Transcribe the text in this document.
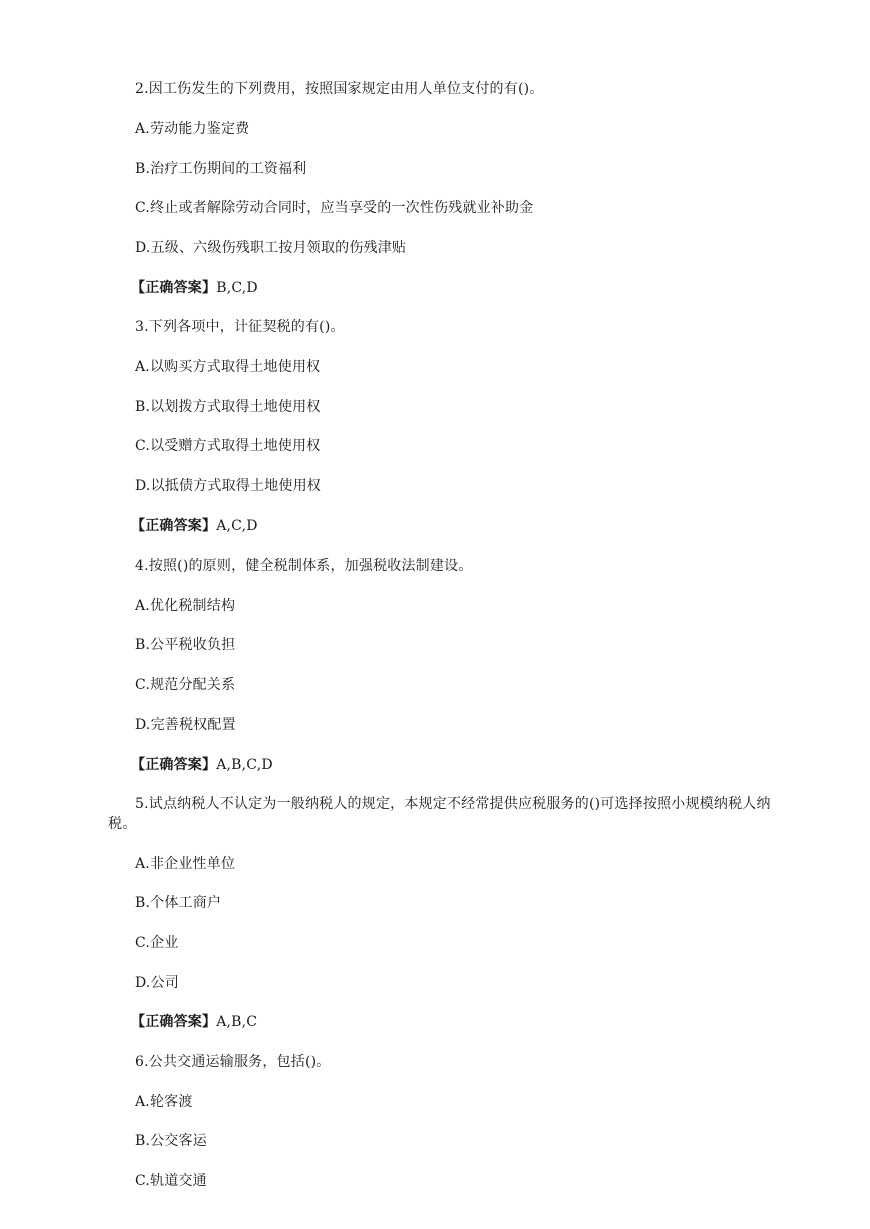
2.因工伤发生的下列费用，按照国家规定由用人单位支付的有()。
A.劳动能力鉴定费
B.治疗工伤期间的工资福利
C.终止或者解除劳动合同时，应当享受的一次性伤残就业补助金
D.五级、六级伤残职工按月领取的伤残津贴
【正确答案】B,C,D
3.下列各项中，计征契税的有()。
A.以购买方式取得土地使用权
B.以划拨方式取得土地使用权
C.以受赠方式取得土地使用权
D.以抵债方式取得土地使用权
【正确答案】A,C,D
4.按照()的原则，健全税制体系，加强税收法制建设。
A.优化税制结构
B.公平税收负担
C.规范分配关系
D.完善税权配置
【正确答案】A,B,C,D
5.试点纳税人不认定为一般纳税人的规定，本规定不经常提供应税服务的()可选择按照小规模纳税人纳税。
A.非企业性单位
B.个体工商户
C.企业
D.公司
【正确答案】A,B,C
6.公共交通运输服务，包括()。
A.轮客渡
B.公交客运
C.轨道交通
